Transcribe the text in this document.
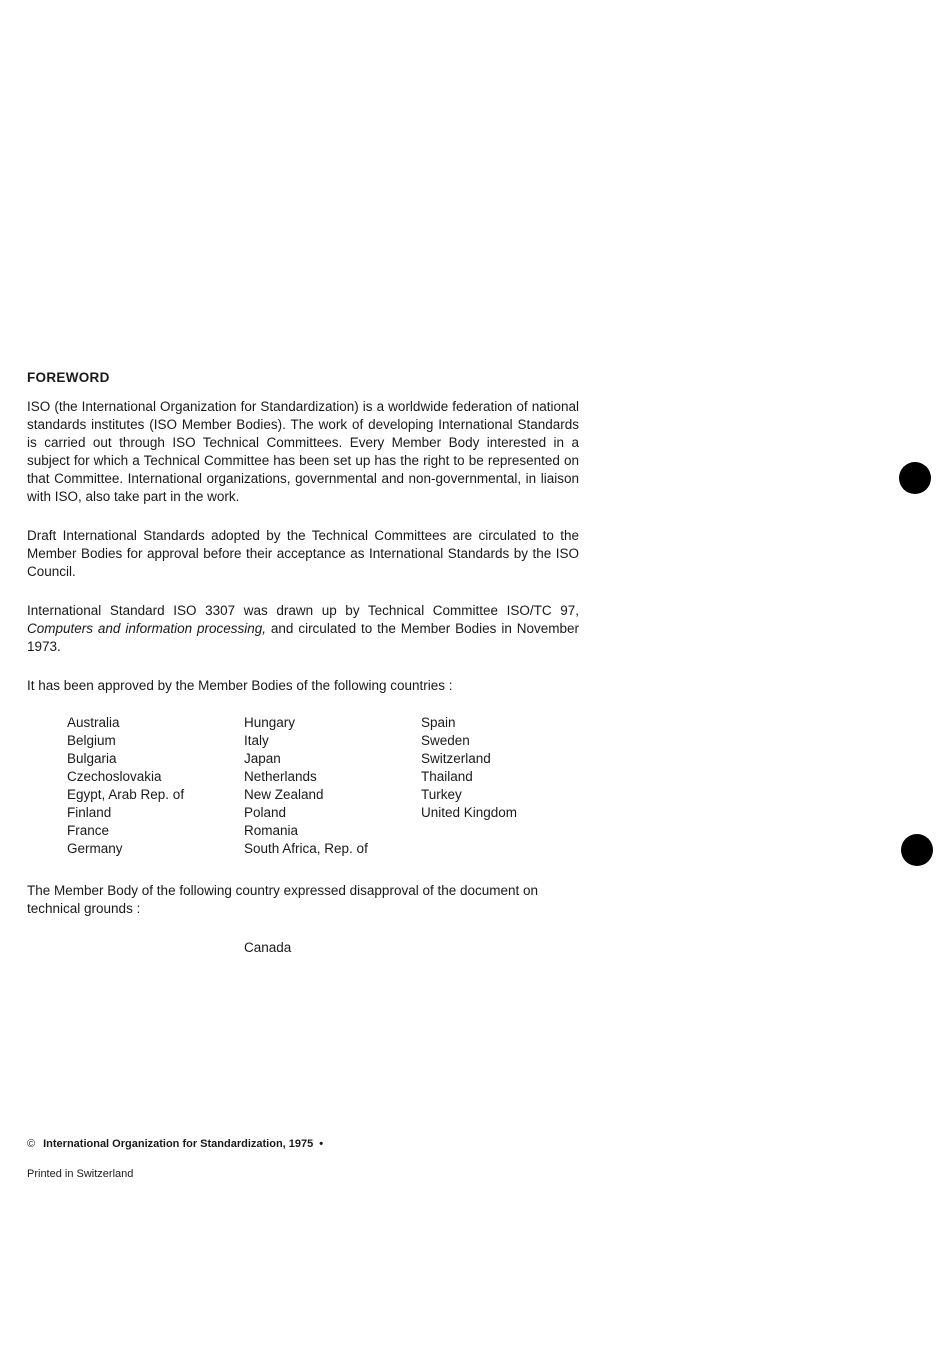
FOREWORD

ISO (the International Organization for Standardization) is a worldwide federation of national standards institutes (ISO Member Bodies). The work of developing International Standards is carried out through ISO Technical Committees. Every Member Body interested in a subject for which a Technical Committee has been set up has the right to be represented on that Committee. International organizations, governmental and non-governmental, in liaison with ISO, also take part in the work.

Draft International Standards adopted by the Technical Committees are circulated to the Member Bodies for approval before their acceptance as International Standards by the ISO Council.

International Standard ISO 3307 was drawn up by Technical Committee ISO/TC 97, Computers and information processing, and circulated to the Member Bodies in November 1973.

It has been approved by the Member Bodies of the following countries :

Australia
Belgium
Bulgaria
Czechoslovakia
Egypt, Arab Rep. of
Finland
France
Germany
Hungary
Italy
Japan
Netherlands
New Zealand
Poland
Romania
South Africa, Rep. of
Spain
Sweden
Switzerland
Thailand
Turkey
United Kingdom

The Member Body of the following country expressed disapproval of the document on technical grounds :

Canada
© International Organization for Standardization, 1975 •
Printed in Switzerland
